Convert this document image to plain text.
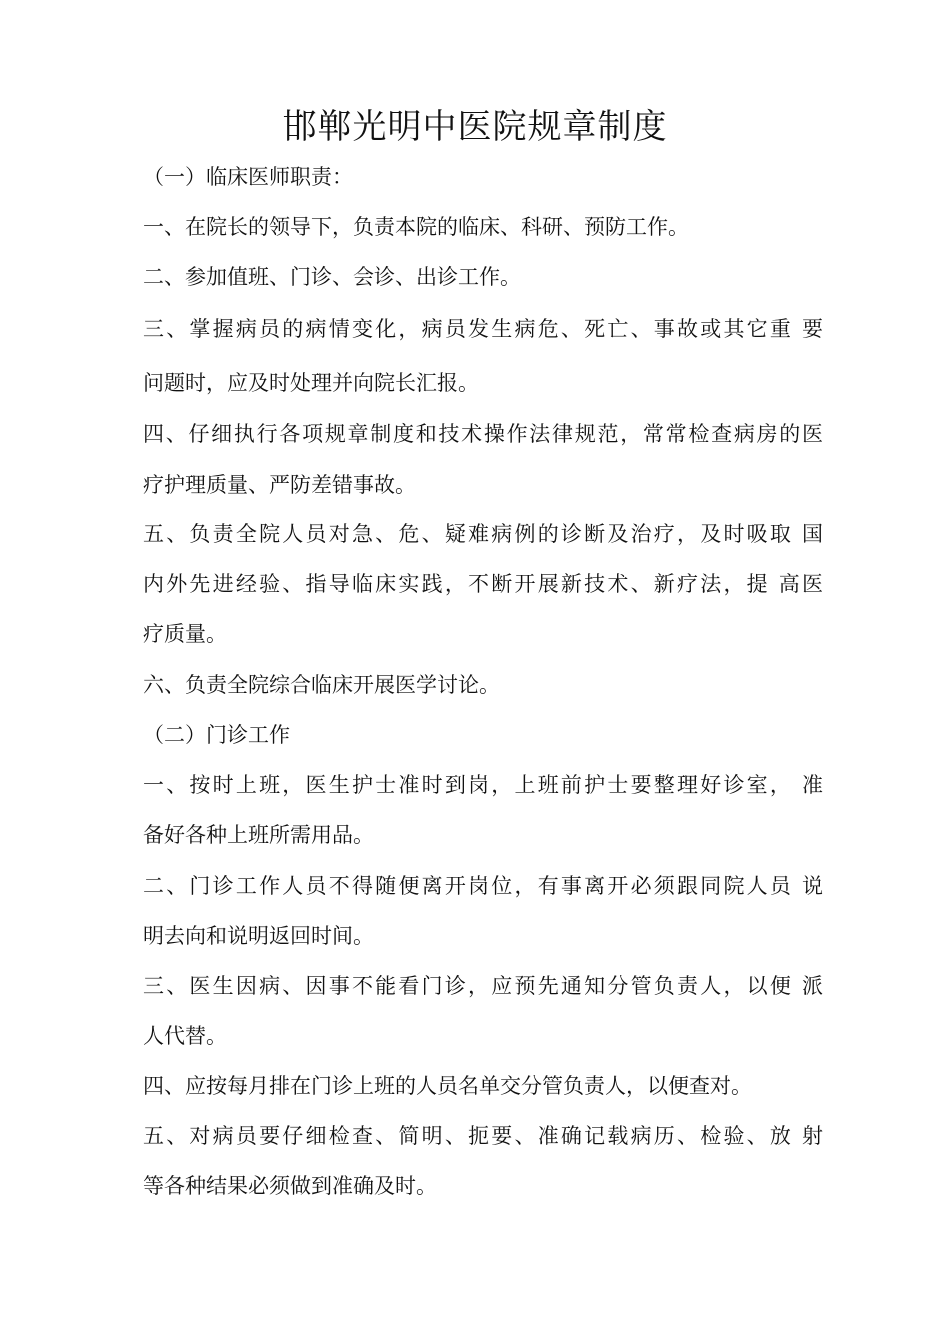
邯郸光明中医院规章制度
（一）临床医师职责：
一、在院长的领导下，负责本院的临床、科研、预防工作。
二、参加值班、门诊、会诊、出诊工作。
三、掌握病员的病情变化，病员发生病危、死亡、事故或其它重 要
问题时，应及时处理并向院长汇报。
四、仔细执行各项规章制度和技术操作法律规范，常常检查病房的医
疗护理质量、严防差错事故。
五、负责全院人员对急、危、疑难病例的诊断及治疗，及时吸取 国
内外先进经验、指导临床实践，不断开展新技术、新疗法，提 高医
疗质量。
六、负责全院综合临床开展医学讨论。
（二）门诊工作
一、按时上班，医生护士准时到岗，上班前护士要整理好诊室， 准
备好各种上班所需用品。
二、门诊工作人员不得随便离开岗位，有事离开必须跟同院人员 说
明去向和说明返回时间。
三、医生因病、因事不能看门诊，应预先通知分管负责人，以便 派
人代替。
四、应按每月排在门诊上班的人员名单交分管负责人，以便查对。
五、对病员要仔细检查、简明、扼要、准确记载病历、检验、放 射
等各种结果必须做到准确及时。
